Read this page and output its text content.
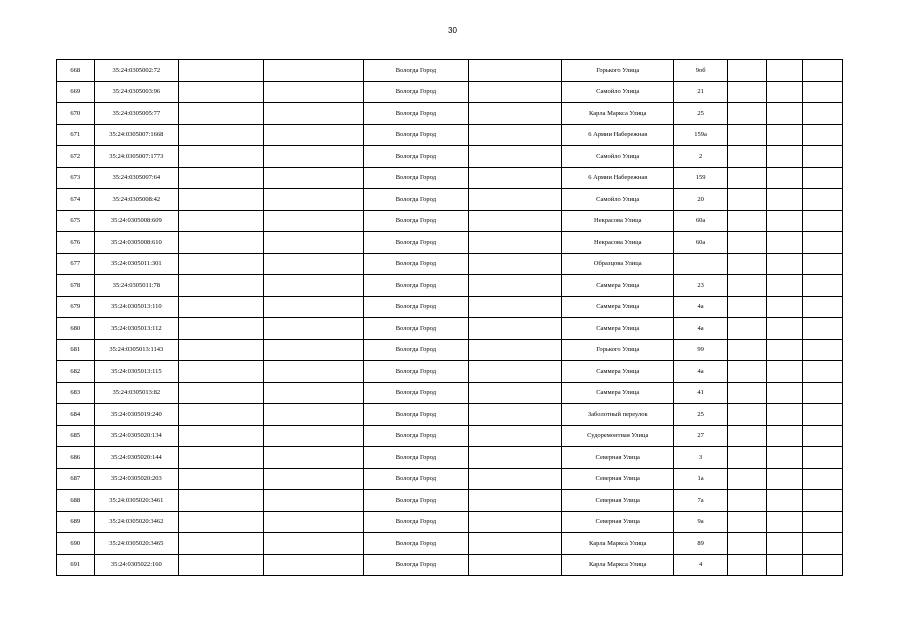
30
668	35:24:0305002:72			Вологда Город		Горького Улица	9об			
669	35:24:0305003:96			Вологда Город		Самойло Улица	21			
670	35:24:0305005:77			Вологда Город		Карла Маркса Улица	25			
671	35:24:0305007:1668			Вологда Город		6 Армии Набережная	159а			
672	35:24:0305007:1773			Вологда Город		Самойло Улица	2			
673	35:24:0305007:64			Вологда Город		6 Армии Набережная	159			
674	35:24:0305008:42			Вологда Город		Самойло Улица	20			
675	35:24:0305008:609			Вологда Город		Некрасова Улица	60а			
676	35:24:0305008:610			Вологда Город		Некрасова Улица	60а			
677	35:24:0305011:301			Вологда Город		Образцова Улица				
678	35:24:0305011:78			Вологда Город		Саммера Улица	23			
679	35:24:0305013:110			Вологда Город		Саммера Улица	4а			
680	35:24:0305013:112			Вологда Город		Саммера Улица	4а			
681	35:24:0305013:1143			Вологда Город		Горького Улица	99			
682	35:24:0305013:115			Вологда Город		Саммера Улица	4а			
683	35:24:0305013:82			Вологда Город		Саммера Улица	41			
684	35:24:0305019:240			Вологда Город		Заболотный переулок	25			
685	35:24:0305020:134			Вологда Город		Судоремонтная Улица	27			
686	35:24:0305020:144			Вологда Город		Северная Улица	3			
687	35:24:0305020:203			Вологда Город		Северная Улица	1а			
688	35:24:0305020:3461			Вологда Город		Северная Улица	7а			
689	35:24:0305020:3462			Вологда Город		Северная Улица	9а			
690	35:24:0305020:3465			Вологда Город		Карла Маркса Улица	89			
691	35:24:0305022:160			Вологда Город		Карла Маркса Улица	4			
